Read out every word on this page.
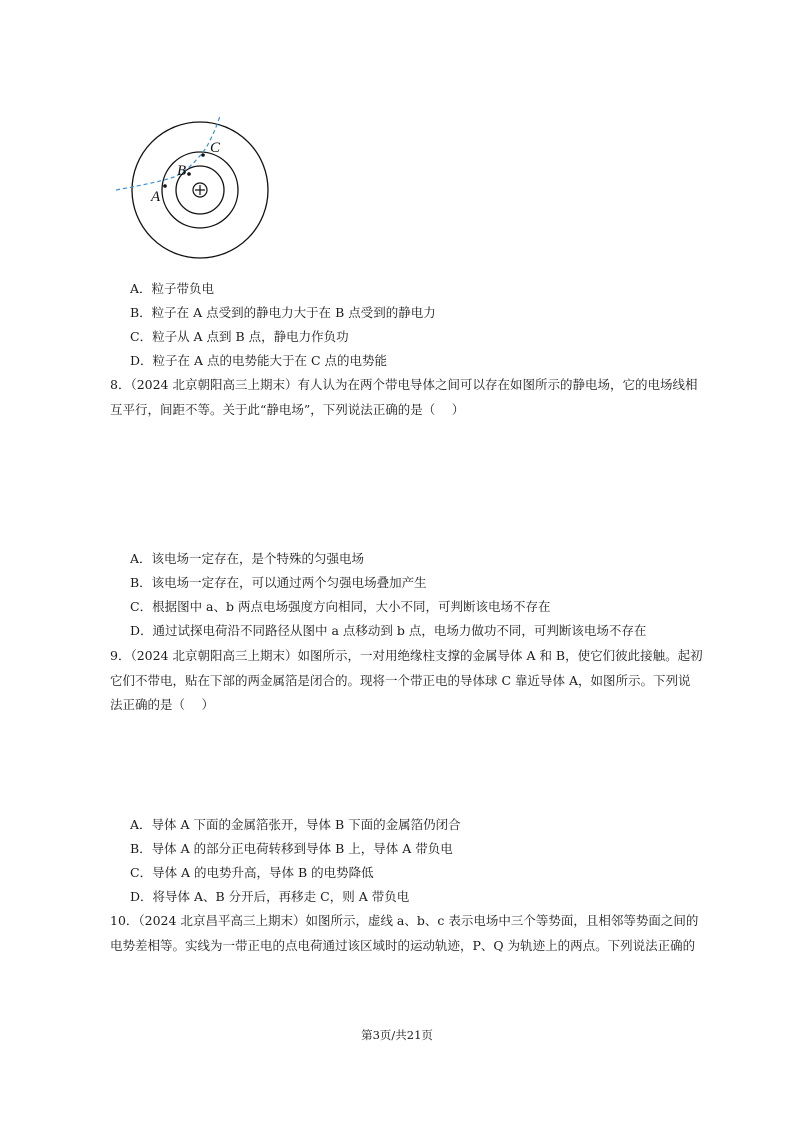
A
B
C
A．粒子带负电
B．粒子在 A 点受到的静电力大于在 B 点受到的静电力
C．粒子从 A 点到 B 点，静电力作负功
D．粒子在 A 点的电势能大于在 C 点的电势能
8．（2024 北京朝阳高三上期末）有人认为在两个带电导体之间可以存在如图所示的静电场，它的电场线相
互平行，间距不等。关于此“静电场”，下列说法正确的是（　 ）
A．该电场一定存在，是个特殊的匀强电场
B．该电场一定存在，可以通过两个匀强电场叠加产生
C．根据图中 a、b 两点电场强度方向相同，大小不同，可判断该电场不存在
D．通过试探电荷沿不同路径从图中 a 点移动到 b 点，电场力做功不同，可判断该电场不存在
9．（2024 北京朝阳高三上期末）如图所示，一对用绝缘柱支撑的金属导体 A 和 B，使它们彼此接触。起初
它们不带电，贴在下部的两金属箔是闭合的。现将一个带正电的导体球 C 靠近导体 A，如图所示。下列说
法正确的是（　 ）
A．导体 A 下面的金属箔张开，导体 B 下面的金属箔仍闭合
B．导体 A 的部分正电荷转移到导体 B 上，导体 A 带负电
C．导体 A 的电势升高，导体 B 的电势降低
D．将导体 A、B 分开后，再移走 C，则 A 带负电
10．（2024 北京昌平高三上期末）如图所示，虚线 a、b、c 表示电场中三个等势面，且相邻等势面之间的
电势差相等。实线为一带正电的点电荷通过该区域时的运动轨迹，P、Q 为轨迹上的两点。下列说法正确的
第3页/共21页
